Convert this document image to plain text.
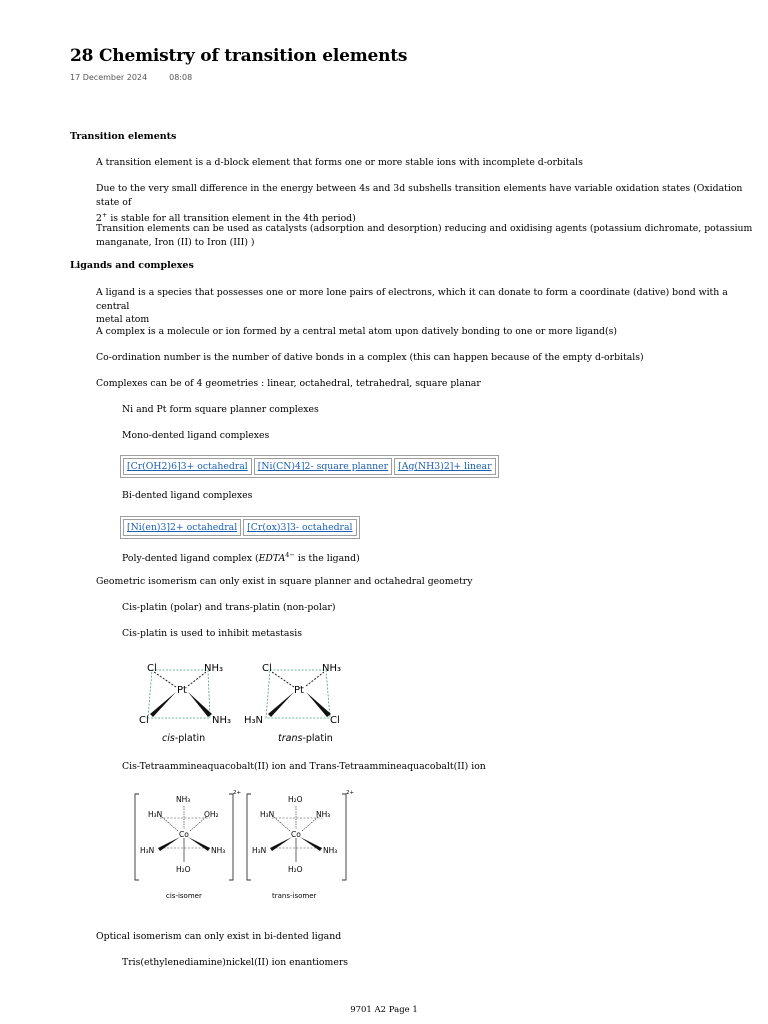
28 Chemistry of transition elements
17 December 2024	08:08
Transition elements
A transition element is a d-block element that forms one or more stable ions with incomplete d-orbitals
Due to the very small difference in the energy between 4s and 3d subshells transition elements have variable oxidation states (Oxidation state of
2+ is stable for all transition element in the 4th period)
Transition elements can be used as catalysts (adsorption and desorption) reducing and oxidising agents (potassium dichromate, potassium
manganate, Iron (II) to Iron (III) )
Ligands and complexes
A ligand is a species that possesses one or more lone pairs of electrons, which it can donate to form a coordinate (dative) bond with a central
metal atom
A complex is a molecule or ion formed by a central metal atom upon datively bonding to one or more ligand(s)
Co-ordination number is the number of dative bonds in a complex (this can happen because of the empty d-orbitals)
Complexes can be of 4 geometries : linear, octahedral, tetrahedral, square planar
Ni and Pt form square planner complexes
Mono-dented ligand complexes
[Cr(OH2)6]3+ octahedral	[Ni(CN)4]2- square planner	[Ag(NH3)2]+ linear
Bi-dented ligand complexes
[Ni(en)3]2+ octahedral	[Cr(ox)3]3- octahedral
Poly-dented ligand complex ($EDTA^{4-}$ is the ligand)
Geometric isomerism can only exist in square planner and octahedral geometry
Cis-platin (polar) and trans-platin (non-polar)
Cis-platin is used to inhibit metastasis
Cl	NH₃
Pt
Cl	NH₃
cis-platin
Cl	NH₃
Pt
H₃N	Cl
trans-platin
Cis-Tetraammineaquacobalt(II) ion and Trans-Tetraammineaquacobalt(II) ion
2+
NH₃
H₃N	OH₂
Co
H₃N	NH₃
H₂O
cis-isomer
2+
H₂O
H₃N	NH₃
Co
H₃N	NH₃
H₂O
trans-isomer
Optical isomerism can only exist in bi-dented ligand
Tris(ethylenediamine)nickel(II) ion enantiomers
9701 A2 Page 1
